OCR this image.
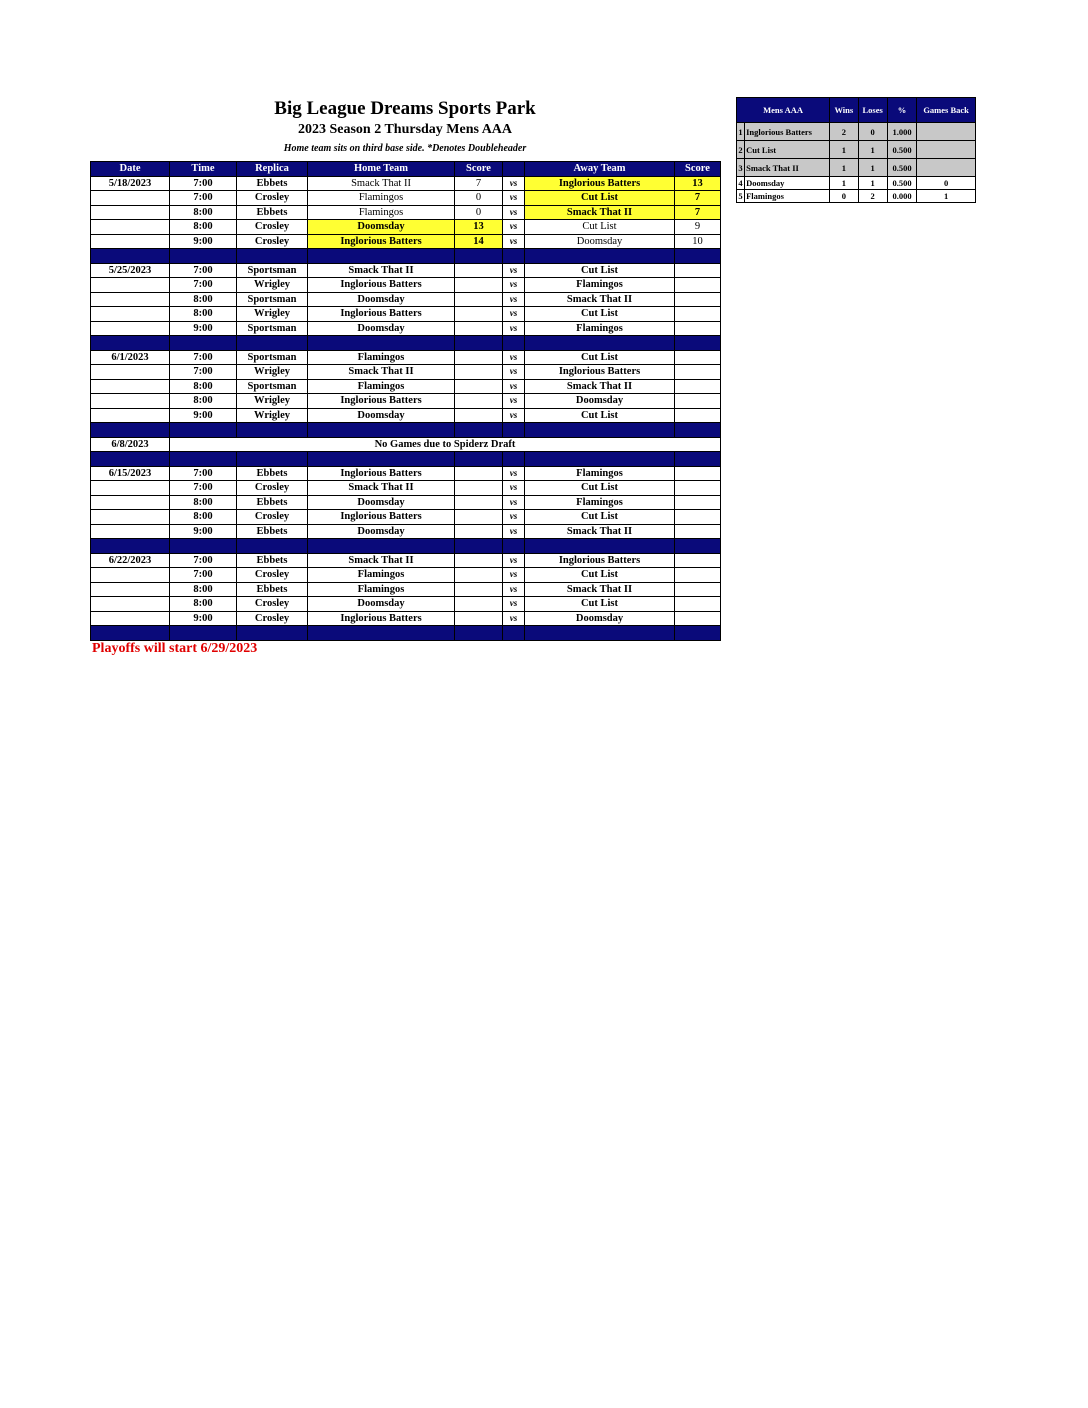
Big League Dreams Sports Park
2023 Season 2 Thursday Mens AAA
Home team sits on third base side. *Denotes Doubleheader
Date	Time	Replica	Home Team	Score		Away Team	Score
5/18/2023	7:00	Ebbets	Smack That II	7	vs	Inglorious Batters	13
	7:00	Crosley	Flamingos	0	vs	Cut List	7
	8:00	Ebbets	Flamingos	0	vs	Smack That II	7
	8:00	Crosley	Doomsday	13	vs	Cut List	9
	9:00	Crosley	Inglorious Batters	14	vs	Doomsday	10

5/25/2023	7:00	Sportsman	Smack That II		vs	Cut List	
	7:00	Wrigley	Inglorious Batters		vs	Flamingos	
	8:00	Sportsman	Doomsday		vs	Smack That II	
	8:00	Wrigley	Inglorious Batters		vs	Cut List	
	9:00	Sportsman	Doomsday		vs	Flamingos	

6/1/2023	7:00	Sportsman	Flamingos		vs	Cut List	
	7:00	Wrigley	Smack That II		vs	Inglorious Batters	
	8:00	Sportsman	Flamingos		vs	Smack That II	
	8:00	Wrigley	Inglorious Batters		vs	Doomsday	
	9:00	Wrigley	Doomsday		vs	Cut List	

6/8/2023	No Games due to Spiderz Draft						

6/15/2023	7:00	Ebbets	Inglorious Batters		vs	Flamingos	
	7:00	Crosley	Smack That II		vs	Cut List	
	8:00	Ebbets	Doomsday		vs	Flamingos	
	8:00	Crosley	Inglorious Batters		vs	Cut List	
	9:00	Ebbets	Doomsday		vs	Smack That II	

6/22/2023	7:00	Ebbets	Smack That II		vs	Inglorious Batters	
	7:00	Crosley	Flamingos		vs	Cut List	
	8:00	Ebbets	Flamingos		vs	Smack That II	
	8:00	Crosley	Doomsday		vs	Cut List	
	9:00	Crosley	Inglorious Batters		vs	Doomsday	

Mens AAA		Wins	Loses	%	Games Back
1	Inglorious Batters	2	0	1.000	
2	Cut List	1	1	0.500	
3	Smack That II	1	1	0.500	
4	Doomsday	1	1	0.500	0
5	Flamingos	0	2	0.000	1
Playoffs will start 6/29/2023
